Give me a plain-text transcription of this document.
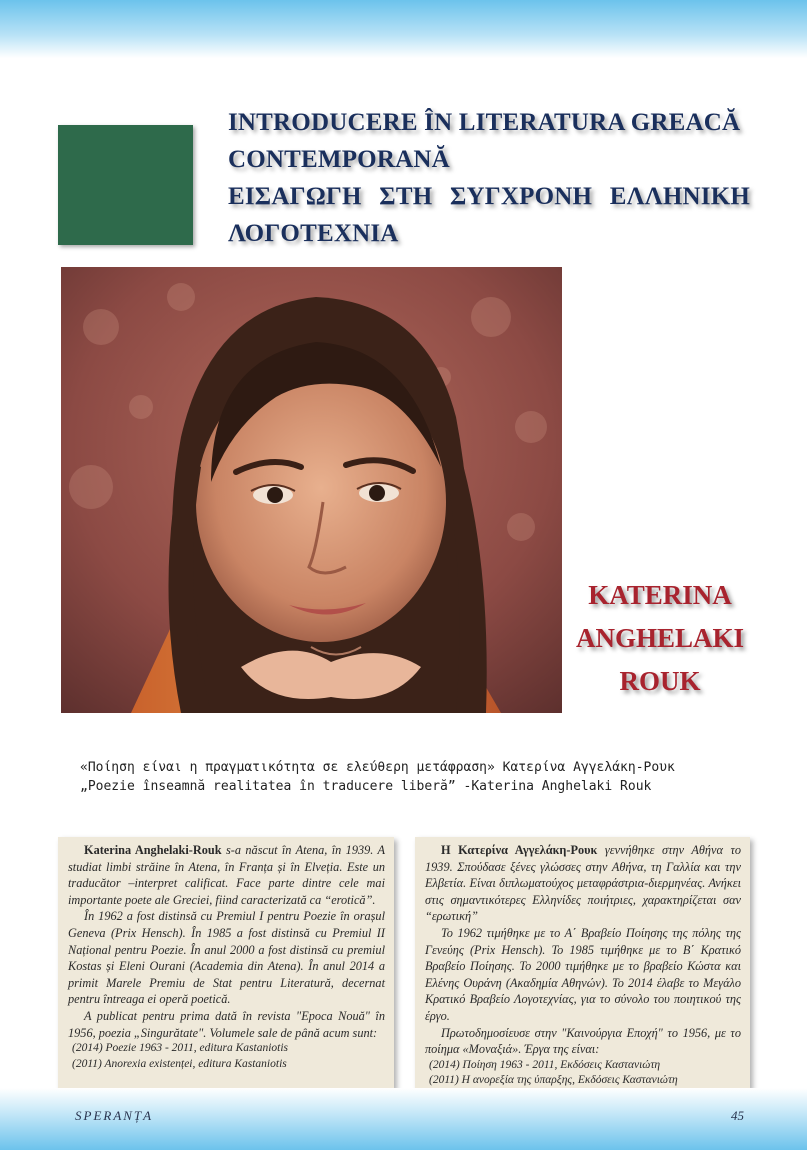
INTRODUCERE ÎN LITERATURA GREACĂ
CONTEMPORANĂ
ΕΙΣΑΓΩΓΗ ΣΤΗ ΣΥΓΧΡΟΝΗ ΕΛΛΗΝΙΚΗ
ΛΟΓΟΤΕΧΝΙΑ
KATERINA
ANGHELAKI
ROUK

«Ποίηση είναι η πραγματικότητα σε ελεύθερη μετάφραση» Κατερίνα Αγγελάκη-Ρουκ
„Poezie înseamnă realitatea în traducere liberă” -Katerina Anghelaki Rouk

Katerina Anghelaki-Rouk s-a născut în Atena, în 1939. A studiat limbi străine în Atena, în Franța și în Elveția. Este un traducător –interpret calificat. Face parte dintre cele mai importante poete ale Greciei, fiind caracterizată ca “erotică”.

În 1962 a fost distinsă cu Premiul I pentru Poezie în orașul Geneva (Prix Hensch). În 1985 a fost distinsă cu Premiul II Național pentru Poezie. În anul 2000 a fost distinsă cu premiul Kostas și Eleni Ourani (Academia din Atena). În anul 2014 a primit Marele Premiu de Stat pentru Literatură, decernat pentru întreaga ei operă poetică.

A publicat pentru prima dată în revista "Epoca Nouă" în 1956, poezia „Singurătate". Volumele sale de până acum sunt:

(2014) Poezie 1963 - 2011, editura Kastaniotis
(2011) Anorexia existenței, editura Kastaniotis

Η Κατερίνα Αγγελάκη-Ρουκ γεννήθηκε στην Αθήνα το 1939. Σπούδασε ξένες γλώσσες στην Αθήνα, τη Γαλλία και την Ελβετία. Είναι διπλωματούχος μεταφράστρια-διερμηνέας. Ανήκει στις σημαντικότερες Ελληνίδες ποιήτριες, χαρακτηρίζεται σαν “ερωτική”

Το 1962 τιμήθηκε με το Α΄ Βραβείο Ποίησης της πόλης της Γενεύης (Prix Hensch). Το 1985 τιμήθηκε με το Β΄ Κρατικό Βραβείο Ποίησης. Το 2000 τιμήθηκε με το βραβείο Κώστα και Ελένης Ουράνη (Ακαδημία Αθηνών). Το 2014 έλαβε το Μεγάλο Κρατικό Βραβείο Λογοτεχνίας, για το σύνολο του ποιητικού της έργο.

Πρωτοδημοσίευσε στην "Καινούργια Εποχή" το 1956, με το ποίημα «Μοναξιά». Έργα της είναι:

(2014) Ποίηση 1963 - 2011, Εκδόσεις Καστανιώτη
(2011) Η ανορεξία της ύπαρξης, Εκδόσεις Καστανιώτη

SPERANȚA	45
